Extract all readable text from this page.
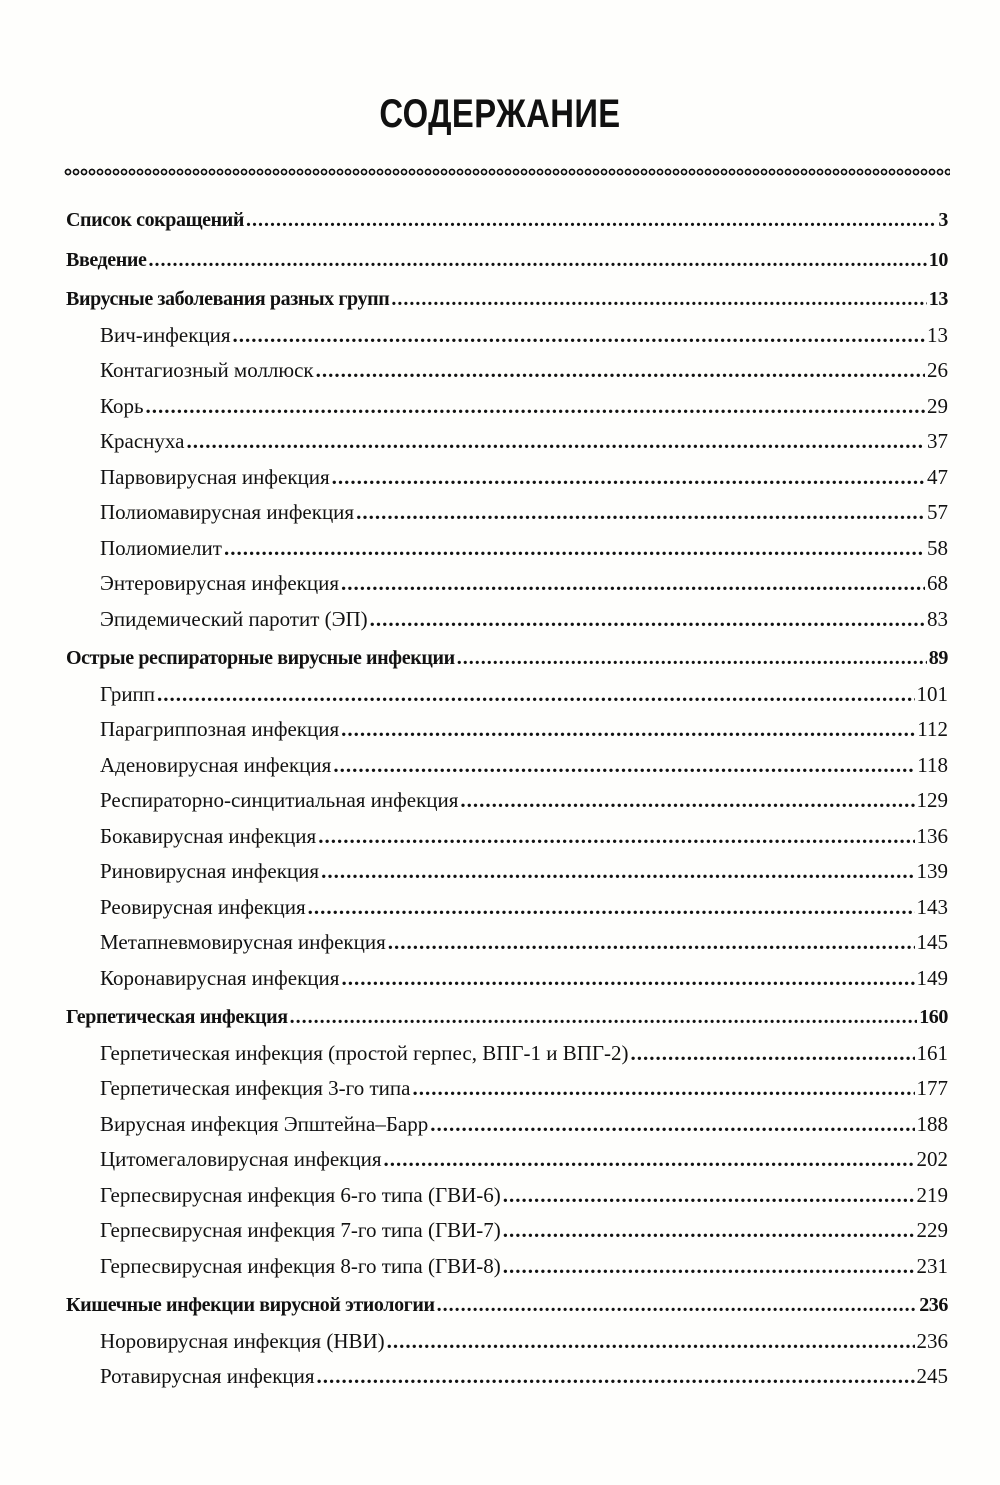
СОДЕРЖАНИЕ
Список сокращений .....	3
Введение .....	10
Вирусные заболевания разных групп .....	13
Вич-инфекция .....	13
Контагиозный моллюск .....	26
Корь .....	29
Краснуха .....	37
Парвовирусная инфекция .....	47
Полиомавирусная инфекция .....	57
Полиомиелит .....	58
Энтеровирусная инфекция .....	68
Эпидемический паротит (ЭП) .....	83
Острые респираторные вирусные инфекции .....	89
Грипп .....	101
Парагриппозная инфекция .....	112
Аденовирусная инфекция .....	118
Респираторно-синцитиальная инфекция .....	129
Бокавирусная инфекция .....	136
Риновирусная инфекция .....	139
Реовирусная инфекция .....	143
Метапневмовирусная инфекция .....	145
Коронавирусная инфекция .....	149
Герпетическая инфекция .....	160
Герпетическая инфекция (простой герпес, ВПГ-1 и ВПГ-2) .....	161
Герпетическая инфекция 3-го типа .....	177
Вирусная инфекция Эпштейна–Барр .....	188
Цитомегаловирусная инфекция .....	202
Герпесвирусная инфекция 6-го типа (ГВИ-6) .....	219
Герпесвирусная инфекция 7-го типа (ГВИ-7) .....	229
Герпесвирусная инфекция 8-го типа (ГВИ-8) .....	231
Кишечные инфекции вирусной этиологии .....	236
Норовирусная инфекция (НВИ) .....	236
Ротавирусная инфекция .....	245
